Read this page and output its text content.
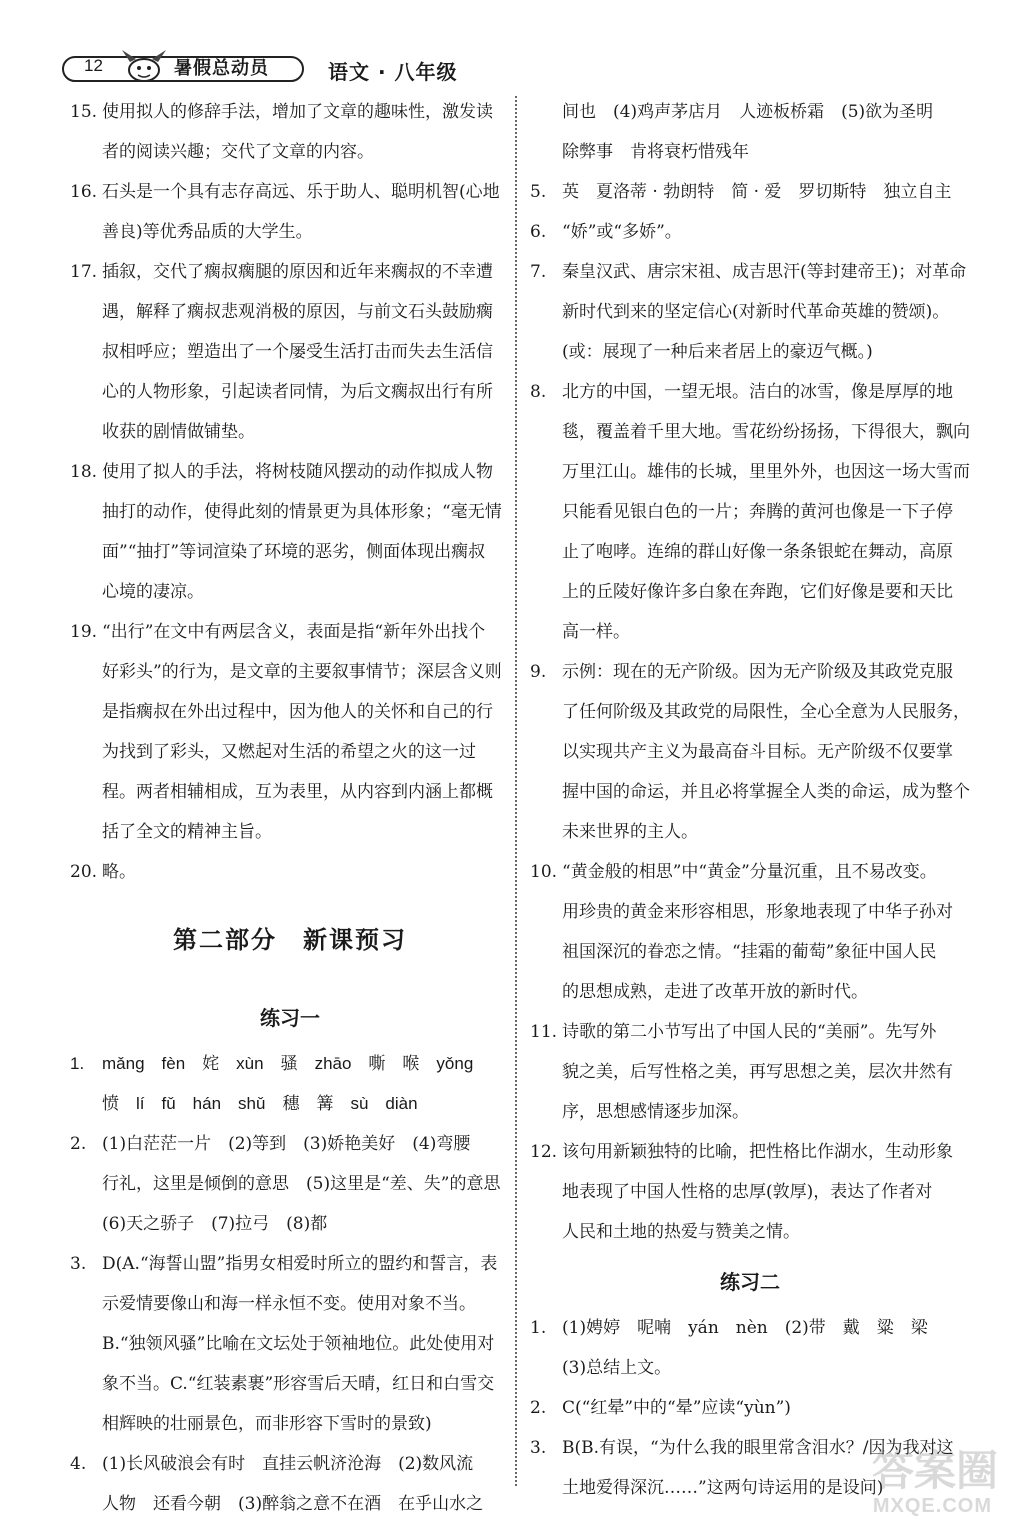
12	暑假总动员	语文 · 八年级
15. 使用拟人的修辞手法，增加了文章的趣味性，激发读
者的阅读兴趣；交代了文章的内容。
16. 石头是一个具有志存高远、乐于助人、聪明机智(心地
善良)等优秀品质的大学生。
17. 插叙，交代了瘸叔瘸腿的原因和近年来瘸叔的不幸遭
遇，解释了瘸叔悲观消极的原因，与前文石头鼓励瘸
叔相呼应；塑造出了一个屡受生活打击而失去生活信
心的人物形象，引起读者同情，为后文瘸叔出行有所
收获的剧情做铺垫。
18. 使用了拟人的手法，将树枝随风摆动的动作拟成人物
抽打的动作，使得此刻的情景更为具体形象；“毫无情
面”“抽打”等词渲染了环境的恶劣，侧面体现出瘸叔
心境的凄凉。
19. “出行”在文中有两层含义，表面是指“新年外出找个
好彩头”的行为，是文章的主要叙事情节；深层含义则
是指瘸叔在外出过程中，因为他人的关怀和自己的行
为找到了彩头，又燃起对生活的希望之火的这一过
程。两者相辅相成，互为表里，从内容到内涵上都概
括了全文的精神主旨。
20. 略。
第二部分　新课预习
练习一
1. mǎng　fèn　姹　xùn　骚　zhāo　嘶　喉　yǒng
愤　lí　fǔ　hán　shǔ　穗　篝　sù　diàn
2. (1)白茫茫一片　(2)等到　(3)娇艳美好　(4)弯腰
行礼，这里是倾倒的意思　(5)这里是“差、失”的意思
(6)天之骄子　(7)拉弓　(8)都
3. D(A.“海誓山盟”指男女相爱时所立的盟约和誓言，表
示爱情要像山和海一样永恒不变。使用对象不当。
B.“独领风骚”比喻在文坛处于领袖地位。此处使用对
象不当。C.“红装素裹”形容雪后天晴，红日和白雪交
相辉映的壮丽景色，而非形容下雪时的景致)
4. (1)长风破浪会有时　直挂云帆济沧海　(2)数风流
人物　还看今朝　(3)醉翁之意不在酒　在乎山水之
间也　(4)鸡声茅店月　人迹板桥霜　(5)欲为圣明
除弊事　肯将衰朽惜残年
5. 英　夏洛蒂 · 勃朗特　简 · 爱　罗切斯特　独立自主
6. “娇”或“多娇”。
7. 秦皇汉武、唐宗宋祖、成吉思汗(等封建帝王)；对革命
新时代到来的坚定信心(对新时代革命英雄的赞颂)。
(或：展现了一种后来者居上的豪迈气概。)
8. 北方的中国，一望无垠。洁白的冰雪，像是厚厚的地
毯，覆盖着千里大地。雪花纷纷扬扬，下得很大，飘向
万里江山。雄伟的长城，里里外外，也因这一场大雪而
只能看见银白色的一片；奔腾的黄河也像是一下子停
止了咆哮。连绵的群山好像一条条银蛇在舞动，高原
上的丘陵好像许多白象在奔跑，它们好像是要和天比
高一样。
9. 示例：现在的无产阶级。因为无产阶级及其政党克服
了任何阶级及其政党的局限性，全心全意为人民服务，
以实现共产主义为最高奋斗目标。无产阶级不仅要掌
握中国的命运，并且必将掌握全人类的命运，成为整个
未来世界的主人。
10. “黄金般的相思”中“黄金”分量沉重，且不易改变。
用珍贵的黄金来形容相思，形象地表现了中华子孙对
祖国深沉的眷恋之情。“挂霜的葡萄”象征中国人民
的思想成熟，走进了改革开放的新时代。
11. 诗歌的第二小节写出了中国人民的“美丽”。先写外
貌之美，后写性格之美，再写思想之美，层次井然有
序，思想感情逐步加深。
12. 该句用新颖独特的比喻，把性格比作湖水，生动形象
地表现了中国人性格的忠厚(敦厚)，表达了作者对
人民和土地的热爱与赞美之情。
练习二
1. (1)娉婷　呢喃　yán　nèn　(2)带　戴　粱　梁
(3)总结上文。
2. C(“红晕”中的“晕”应读“yùn”)
3. B(B.有误，“为什么我的眼里常含泪水？/因为我对这
土地爱得深沉……”这两句诗运用的是设问)
答案圈
MXQE.COM
